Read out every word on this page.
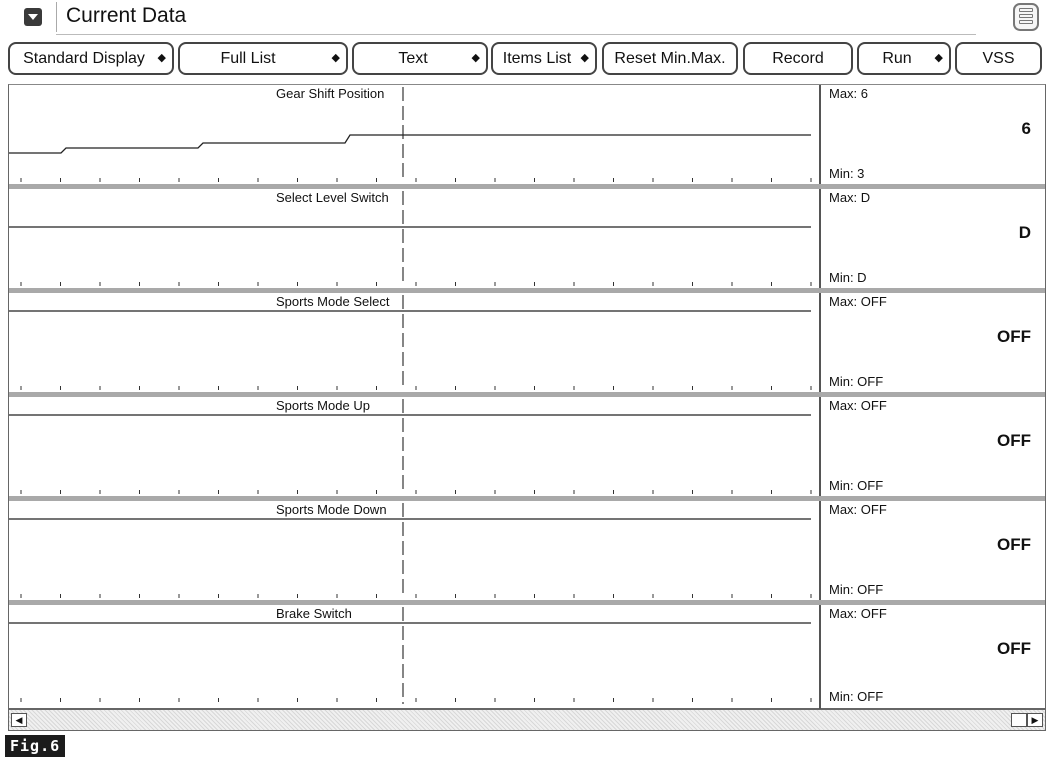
Current Data
Standard Display ◆	Full List	◆	Text	◆	Items List ◆	Reset Min.Max.	Record	Run ◆	VSS
Gear Shift Position	Max: 6
Min: 3
6
Select Level Switch	Max: D
Min: D
D
Sports Mode Select	Max: OFF
Min: OFF
OFF
Sports Mode Up	Max: OFF
Min: OFF
OFF
Sports Mode Down	Max: OFF
Min: OFF
OFF
Brake Switch	Max: OFF
Min: OFF
OFF
◀	▶
Fig.6
